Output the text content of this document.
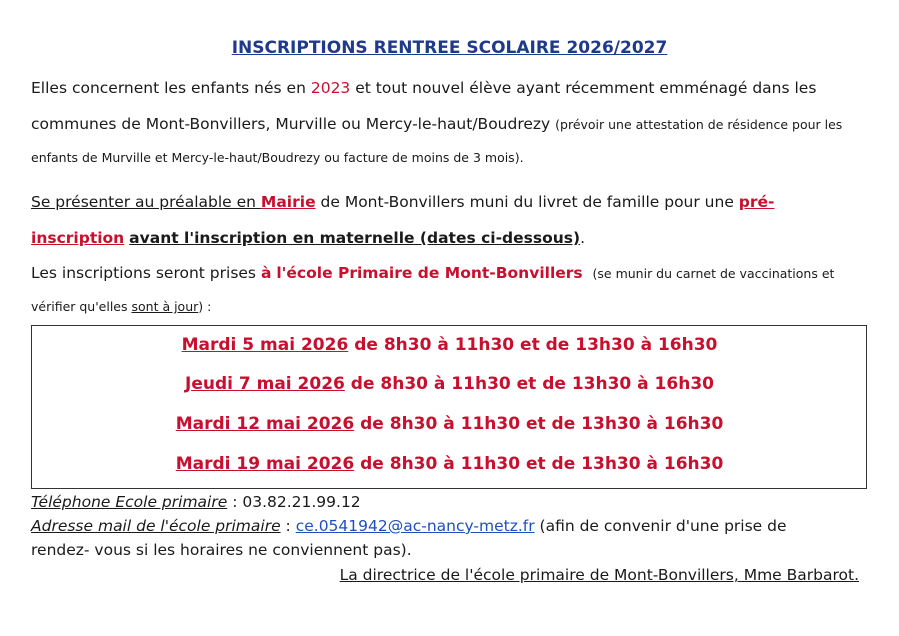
INSCRIPTIONS RENTREE SCOLAIRE 2026/2027
Elles concernent les enfants nés en 2023 et tout nouvel élève ayant récemment emménagé dans les
communes de Mont-Bonvillers, Murville ou Mercy-le-haut/Boudrezy (prévoir une attestation de résidence pour les
enfants de Murville et Mercy-le-haut/Boudrezy ou facture de moins de 3 mois).
Se présenter au préalable en Mairie de Mont-Bonvillers muni du livret de famille pour une pré-
inscription avant l'inscription en maternelle (dates ci-dessous).
Les inscriptions seront prises à l'école Primaire de Mont-Bonvillers (se munir du carnet de vaccinations et
vérifier qu'elles sont à jour) :
Mardi 5 mai 2026 de 8h30 à 11h30 et de 13h30 à 16h30
Jeudi 7 mai 2026 de 8h30 à 11h30 et de 13h30 à 16h30
Mardi 12 mai 2026 de 8h30 à 11h30 et de 13h30 à 16h30
Mardi 19 mai 2026 de 8h30 à 11h30 et de 13h30 à 16h30
Téléphone Ecole primaire : 03.82.21.99.12
Adresse mail de l'école primaire : ce.0541942@ac-nancy-metz.fr (afin de convenir d'une prise de
rendez- vous si les horaires ne conviennent pas).
La directrice de l'école primaire de Mont-Bonvillers, Mme Barbarot.
